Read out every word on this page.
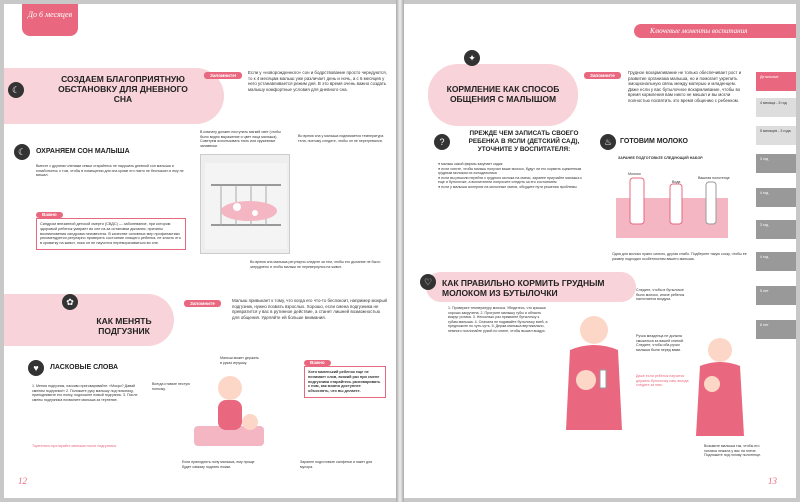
До 6 месяцев
☾
СОЗДАЕМ БЛАГОПРИЯТНУЮ ОБСТАНОВКУ ДЛЯ ДНЕВНОГО СНА
Запомните!
Если у «новорожденного» сон и бодрствование просто чередуются, то к 4 месяцам малыш уже различает день и ночь, а с 6 месяцев у него устанавливается режим дня. В это время очень важно создать малышу комфортные условия для дневного сна.
☾	ОХРАНЯЕМ СОН МАЛЫША
Вместе с другими членами семьи старайтесь не нарушать дневной сон малыша и позаботьтесь о том, чтобы в помещении для сна кроме его никто не беспокоил и ему не мешал.
Важно
Синдром внезапной детской смерти (СВДС) — заболевание, при котором здоровый ребенок умирает во сне из-за остановки дыхания; причины возникновения синдрома неизвестны. В качестве основных мер профилактики рекомендуется регулярно проверять состояние спящего ребенка, не класть его в кроватку на живот, пока он не научится переворачиваться во сне.
В комнату должен поступать мягкий свет (чтобы было видно выражение и цвет лица малыша). Советуем использовать тюль или кружевные занавески.
Во время сна у малыша поднимается температура тела, поэтому следите, чтобы он не перегревался.
Во время сна малыша регулярно следите за тем, чтобы его дыхание не было затруднено и чтобы малыш не перевернулся на живот.
✿
КАК МЕНЯТЬ ПОДГУЗНИК
Запомните
Малыш привыкает к тому, что когда его что-то беспокоит, например мокрый подгузник, нужно позвать взрослых. Хорошо, если смена подгузника не превратится у вас в рутинное действие, а станет лишней возможностью для общения. Уделяйте ей больше внимания.
♥	ЛАСКОВЫЕ СЛОВА
1. Меняя подгузник, ласково приговаривайте: «Мокро? Давай сменим подгузник!» 2. Положите руку малышу под поясницу, приподнимите его попку, подложите новый подгузник. 3. После смены подгузника похвалите малыша за терпение.
Тщательно протирайте малыша после подгузника.
Малыш может держать в руках игрушку.
Всегда ставьте нестую попочку.
Если приподнять попу малыша, ему проще будет самому поднять ножки.
Заранее подготовьте салфетки и пакет для мусора.
Важно
Хотя маленький ребенок еще не понимает слов, всякий раз при смене подгузника старайтесь разговаривать с ним, как можно доступнее объяснять, что вы делаете.
12
Ключевые моменты воспитания
✦
КОРМЛЕНИЕ КАК СПОСОБ ОБЩЕНИЯ С МАЛЫШОМ
Запомните
Грудное вскармливание не только обеспечивает рост и развитие организма малыша, но и помогает укрепить эмоциональную связь между матерью и младенцем. Даже если у вас бутылочное вскармливание, чтобы во время кормления вам никто не мешал и вы могли полностью посвятить это время общению с ребенком.
Детальные
4 месяца - 5 год
5 месяцев - 3 года
3 год
4 год
3 год
4 год
5 лет
6 лет
?
ПРЕЖДЕ ЧЕМ ЗАПИСАТЬ СВОЕГО РЕБЕНКА В ЯСЛИ (ДЕТСКИЙ САД), УТОЧНИТЕ У ВОСПИТАТЕЛЯ:
● малыш какой фирмы закупает садик
● если хотите, чтобы малыш получал ваше молоко, будут ли его кормить сцеженным грудным молоком из холодильника
● если вы решили перейти с грудного молока на смеси, заранее приучайте малыша к еще и бутылочке, а воспитатели попросите следить за его состоянием
● если у малыша аллергия на молочные смеси, обсудите пути решения проблемы
♨	ГОТОВИМ МОЛОКО
ЗАРАНЕЕ ПОДГОТОВЬТЕ СЛЕДУЮЩИЙ НАБОР.
Молоко
Вода
Вашная полотенце
Одна для молоко нужно сильно, другая слабо. Подберите такую соску, чтобы ее размер подходил особенностям вашего малыша.
♡	КАК ПРАВИЛЬНО КОРМИТЬ ГРУДНЫМ МОЛОКОМ ИЗ БУТЫЛОЧКИ
1. Проверьте температуру молока. Убедитесь, что крышка хорошо закручена. 2. Протрите малышу губы и область вокруг ротика. 3. Несколько раз прижмите бутылочку к губам малыша. 4. Сначала не подавайте бутылочку всей, а предложите по чуть-чуть. 5. Держа малыша вертикально, немного похлопайте рукой по спине, чтобы вышел воздух.
Следите, чтобы в бутылочке было молоко, иначе ребенок наглотается воздуха.
Ручка младенца не должна смыкаться за вашей спиной. Следите, чтобы оба ручки малыша были перед вами.
Даже если ребенок научится держать бутылочку сам, всегда следите за ним.
Возьмите малыша так, чтобы его головка лежала у вас на плече. Подложите под голову полотенце.
13
